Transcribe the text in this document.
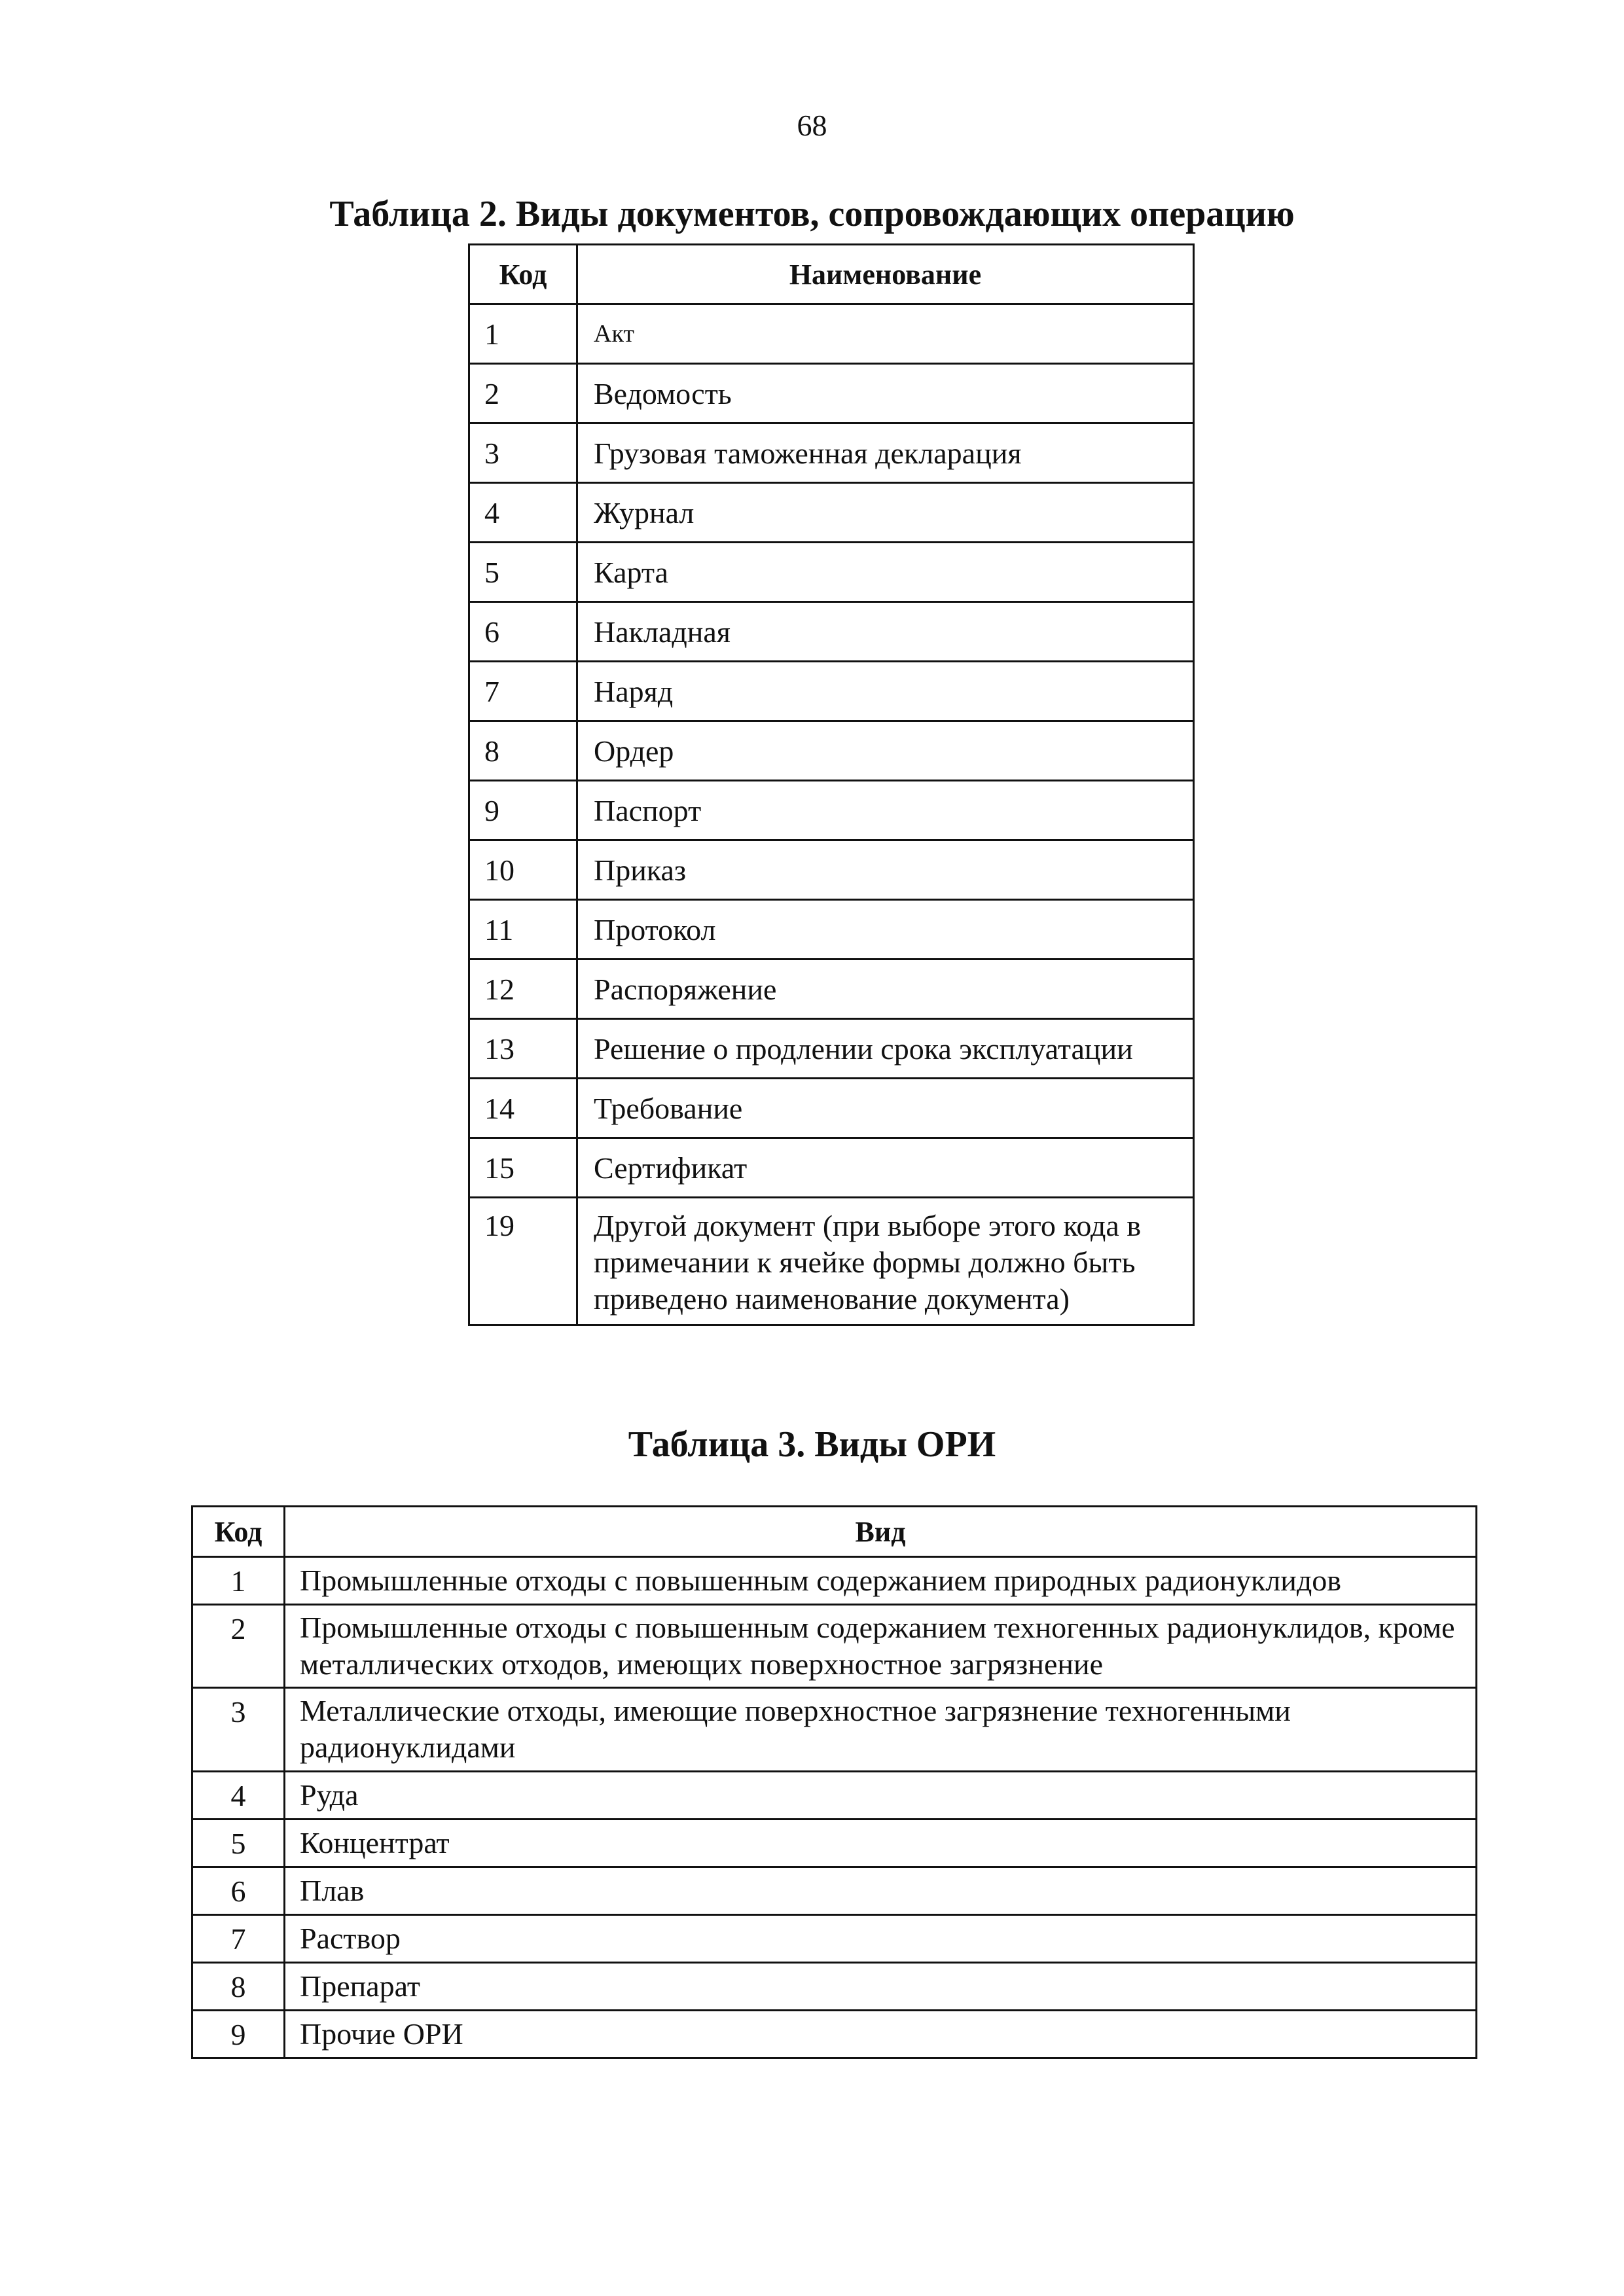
68
Таблица 2. Виды документов, сопровождающих операцию
Код	Наименование
1	Акт
2	Ведомость
3	Грузовая таможенная декларация
4	Журнал
5	Карта
6	Накладная
7	Наряд
8	Ордер
9	Паспорт
10	Приказ
11	Протокол
12	Распоряжение
13	Решение о продлении срока эксплуатации
14	Требование
15	Сертификат
19	Другой документ (при выборе этого кода в примечании к ячейке формы должно быть приведено наименование документа)
Таблица 3. Виды ОРИ
Код	Вид
1	Промышленные отходы с повышенным содержанием природных радионуклидов
2	Промышленные отходы с повышенным содержанием техногенных радионуклидов, кроме металлических отходов, имеющих поверхностное загрязнение
3	Металлические отходы, имеющие поверхностное загрязнение техногенными радионуклидами
4	Руда
5	Концентрат
6	Плав
7	Раствор
8	Препарат
9	Прочие ОРИ
